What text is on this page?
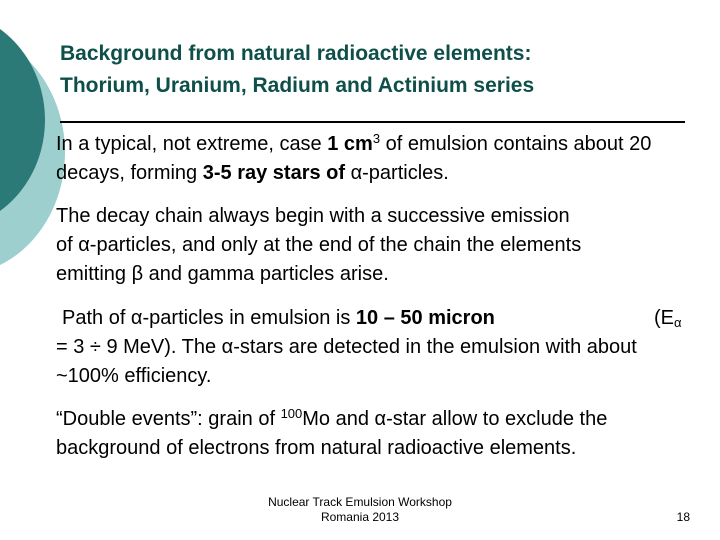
Background from natural radioactive elements:
Thorium, Uranium, Radium and Actinium series
In a typical, not extreme, case 1 $cm^3$ of emulsion contains about 20 decays, forming 3-5 ray stars of α-particles.
The decay chain always begin with a successive emission
of α-particles, and only at the end of the chain the elements
emitting β and gamma particles arise.
Path of α-particles in emulsion is 10 – 50 micron	($E_\alpha$
= 3 ÷ 9 MeV). The α-stars are detected in the emulsion with about ~100% efficiency.
“Double events”: grain of $^{100}$Mo and α-star allow to exclude the background of electrons from natural radioactive elements.
Nuclear Track Emulsion Workshop
Romania 2013	18
